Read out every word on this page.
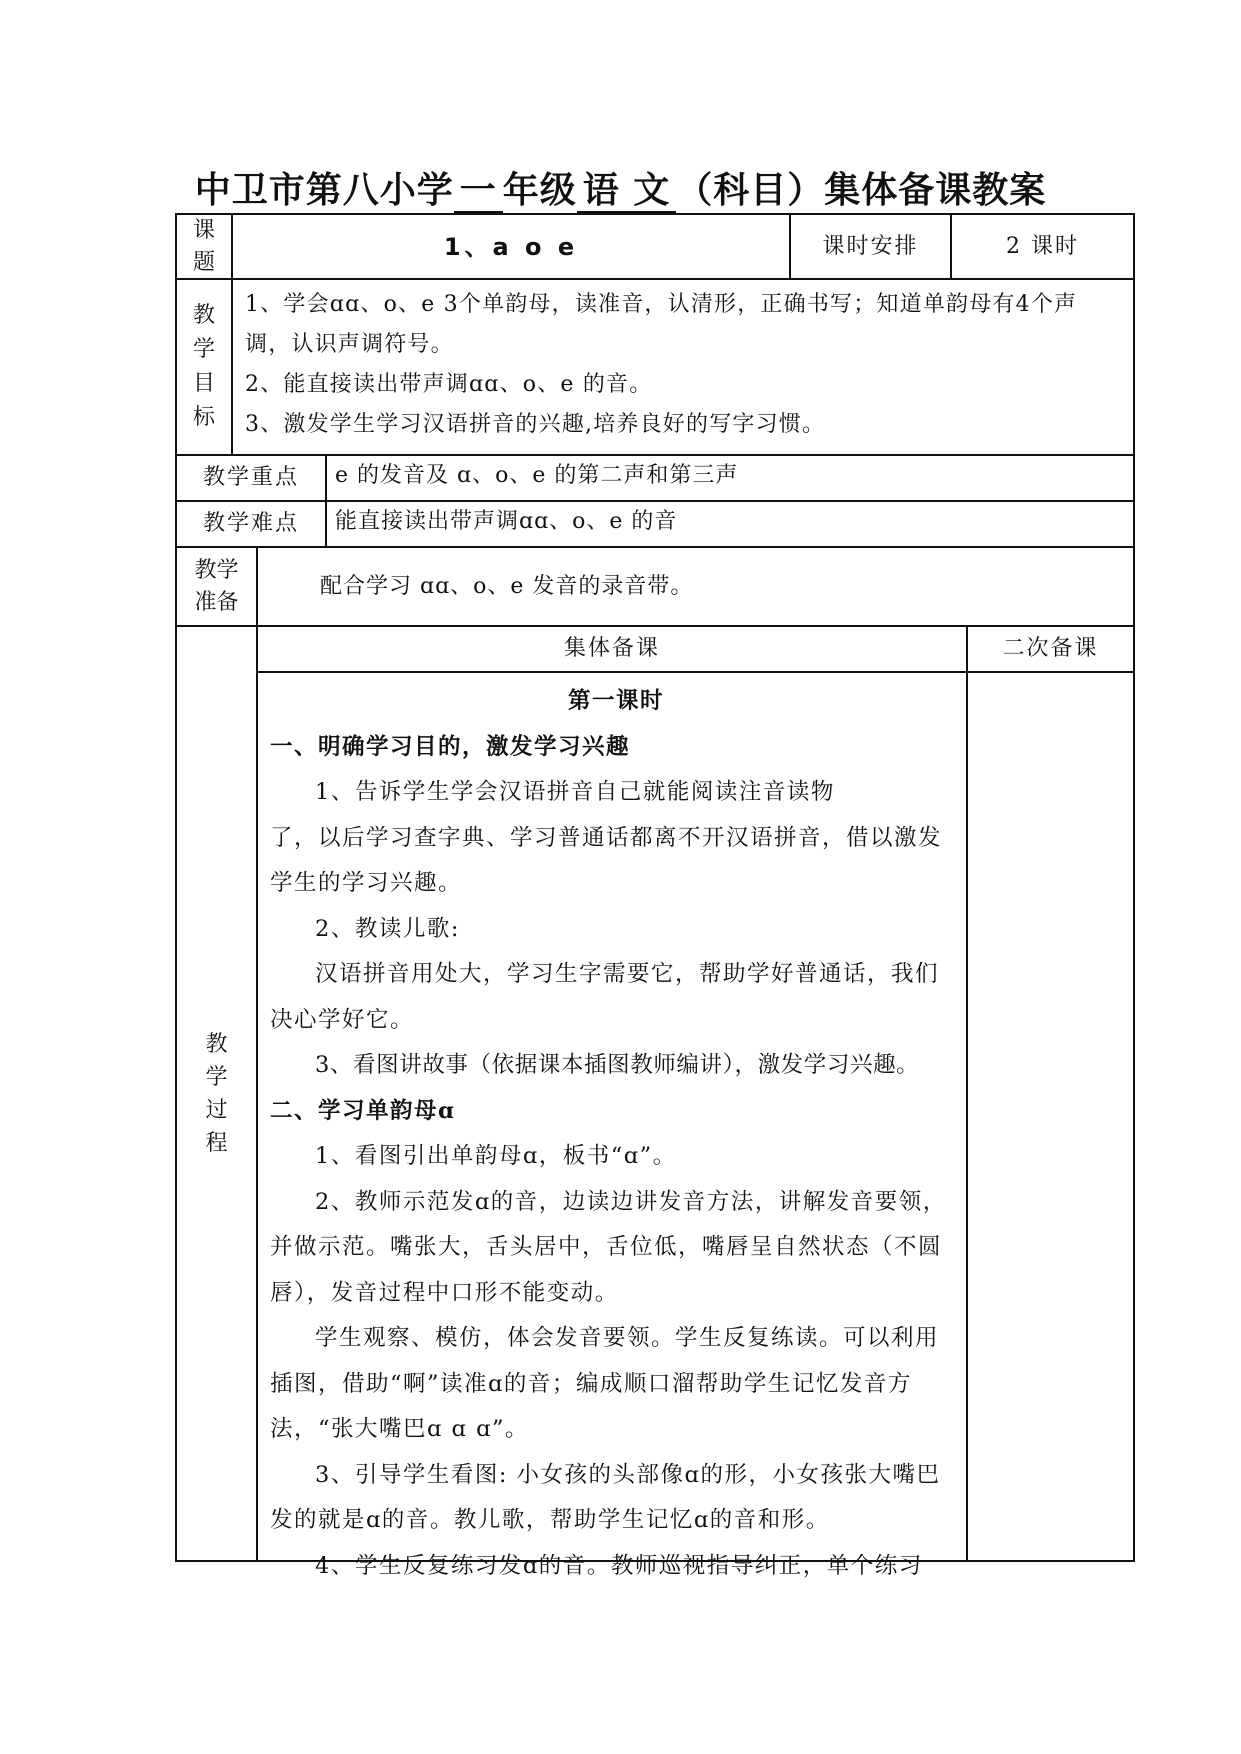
中卫市第八小学 一 年级 语 文 （科目）集体备课教案
课
题
1、a o e	课时安排	2 课时
教
学
目
标

1、学会ɑɑ、o、e 3个单韵母，读准音，认清形，正确书写；知道单韵母有4个声

调，认识声调符号。

2、能直接读出带声调ɑɑ、o、e 的音。

3、激发学生学习汉语拼音的兴趣,培养良好的写字习惯。

教学重点	e 的发音及 ɑ、o、e 的第二声和第三声
教学难点	能直接读出带声调ɑɑ、o、e 的音
教学
准备
配合学习 ɑɑ、o、e 发音的录音带。
教
学
过
程
集体备课	二次备课

第一课时

一、明确学习目的，激发学习兴趣

1、告诉学生学会汉语拼音自己就能阅读注音读物

了，以后学习查字典、学习普通话都离不开汉语拼音，借以激发

学生的学习兴趣。

2、教读儿歌:

汉语拼音用处大，学习生字需要它，帮助学好普通话，我们

决心学好它。

3、看图讲故事（依据课本插图教师编讲），激发学习兴趣。

二、学习单韵母ɑ

1、看图引出单韵母ɑ，板书“ɑ”。

2、教师示范发ɑ的音，边读边讲发音方法，讲解发音要领，

并做示范。嘴张大，舌头居中，舌位低，嘴唇呈自然状态（不圆

唇），发音过程中口形不能变动。

学生观察、模仿，体会发音要领。学生反复练读。可以利用

插图，借助“啊”读准ɑ的音；编成顺口溜帮助学生记忆发音方

法，“张大嘴巴ɑ ɑ ɑ”。

3、引导学生看图: 小女孩的头部像ɑ的形，小女孩张大嘴巴

发的就是ɑ的音。教儿歌，帮助学生记忆ɑ的音和形。

4、学生反复练习发ɑ的音。教师巡视指导纠正，单个练习
